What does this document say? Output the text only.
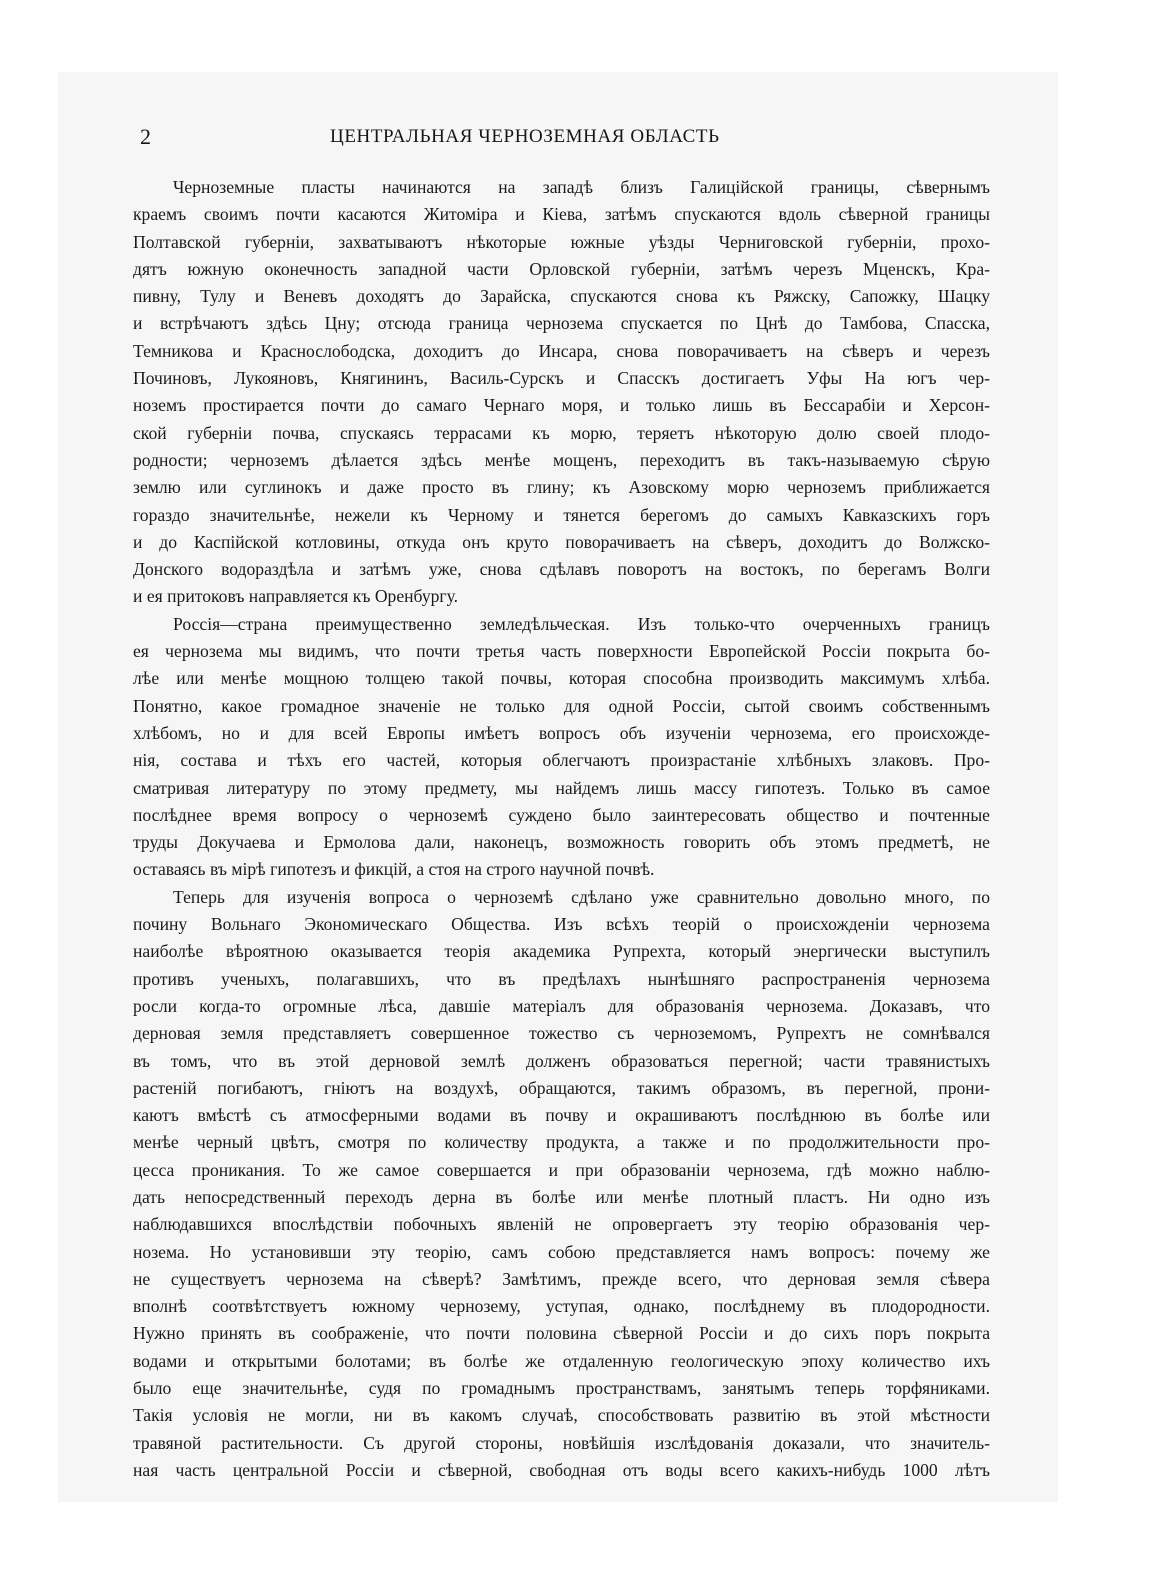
2	ЦЕНТРАЛЬНАЯ ЧЕРНОЗЕМНАЯ ОБЛАСТЬ
Черноземные пласты начинаются на западѣ близъ Галицiйской границы, сѣвернымъ
краемъ своимъ почти касаются Житомiра и Кiева, затѣмъ спускаются вдоль сѣверной границы
Полтавской губернiи, захватываютъ нѣкоторые южные уѣзды Черниговской губернiи, прохо-
дятъ южную оконечность западной части Орловской губернiи, затѣмъ черезъ Мценскъ, Кра-
пивну, Тулу и Веневъ доходятъ до Зарайска, спускаются снова къ Ряжску, Сапожку, Шацку
и встрѣчаютъ здѣсь Цну; отсюда граница чернозема спускается по Цнѣ до Тамбова, Спасска,
Темникова и Краснослободска, доходитъ до Инсара, снова поворачиваетъ на сѣверъ и черезъ
Починовъ, Лукояновъ, Княгининъ, Василь-Сурскъ и Спасскъ достигаетъ Уфы На югъ чер-
ноземъ простирается почти до самаго Чернаго моря, и только лишь въ Бессарабiи и Херсон-
ской губернiи почва, спускаясь террасами къ морю, теряетъ нѣкоторую долю своей плодо-
родности; черноземъ дѣлается здѣсь менѣе мощенъ, переходитъ въ такъ-называемую сѣрую
землю или суглинокъ и даже просто въ глину; къ Азовскому морю черноземъ приближается
гораздо значительнѣе, нежели къ Черному и тянется берегомъ до самыхъ Кавказскихъ горъ
и до Каспiйской котловины, откуда онъ круто поворачиваетъ на сѣверъ, доходитъ до Волжско-
Донского водораздѣла и затѣмъ уже, снова сдѣлавъ поворотъ на востокъ, по берегамъ Волги
и ея притоковъ направляется къ Оренбургу.
Россiя—страна преимущественно земледѣльческая. Изъ только-что очерченныхъ границъ
ея чернозема мы видимъ, что почти третья часть поверхности Европейской Россiи покрыта бо-
лѣе или менѣе мощною толщею такой почвы, которая способна производить максимумъ хлѣба.
Понятно, какое громадное значенiе не только для одной Россiи, сытой своимъ собственнымъ
хлѣбомъ, но и для всей Европы имѣетъ вопросъ объ изученiи чернозема, его происхожде-
нiя, состава и тѣхъ его частей, которыя облегчаютъ произрастанiе хлѣбныхъ злаковъ. Про-
сматривая литературу по этому предмету, мы найдемъ лишь массу гипотезъ. Только въ самое
послѣднее время вопросу о черноземѣ суждено было заинтересовать общество и почтенные
труды Докучаева и Ермолова дали, наконецъ, возможность говорить объ этомъ предметѣ, не
оставаясь въ мiрѣ гипотезъ и фикцiй, а стоя на строго научной почвѣ.
Теперь для изученiя вопроса о черноземѣ сдѣлано уже сравнительно довольно много, по
почину Вольнаго Экономическаго Общества. Изъ всѣхъ теорiй о происхожденiи чернозема
наиболѣе вѣроятною оказывается теорiя академика Рупрехта, который энергически выступилъ
противъ ученыхъ, полагавшихъ, что въ предѣлахъ нынѣшняго распространенiя чернозема
росли когда-то огромные лѣса, давшiе матерiалъ для образованiя чернозема. Доказавъ, что
дерновая земля представляетъ совершенное тожество съ черноземомъ, Рупрехтъ не сомнѣвался
въ томъ, что въ этой дерновой землѣ долженъ образоваться перегной; части травянистыхъ
растенiй погибаютъ, гнiютъ на воздухѣ, обращаются, такимъ образомъ, въ перегной, прони-
каютъ вмѣстѣ съ атмосферными водами въ почву и окрашиваютъ послѣднюю въ болѣе или
менѣе черный цвѣтъ, смотря по количеству продукта, а также и по продолжительности про-
цесса проникания. То же самое совершается и при образованiи чернозема, гдѣ можно наблю-
дать непосредственный переходъ дерна въ болѣе или менѣе плотный пластъ. Ни одно изъ
наблюдавшихся впослѣдствiи побочныхъ явленiй не опровергаетъ эту теорiю образованiя чер-
нозема. Но установивши эту теорiю, самъ собою представляется намъ вопросъ: почему же
не существуетъ чернозема на сѣверѣ? Замѣтимъ, прежде всего, что дерновая земля сѣвера
вполнѣ соотвѣтствуетъ южному чернозему, уступая, однако, послѣднему въ плодородности.
Нужно принять въ соображенiе, что почти половина сѣверной Россiи и до сихъ поръ покрыта
водами и открытыми болотами; въ болѣе же отдаленную геологическую эпоху количество ихъ
было еще значительнѣе, судя по громаднымъ пространствамъ, занятымъ теперь торфяниками.
Такiя условiя не могли, ни въ какомъ случаѣ, способствовать развитiю въ этой мѣстности
травяной растительности. Съ другой стороны, новѣйшiя изслѣдованiя доказали, что значитель-
ная часть центральной Россiи и сѣверной, свободная отъ воды всего какихъ-нибудь 1000 лѣтъ
